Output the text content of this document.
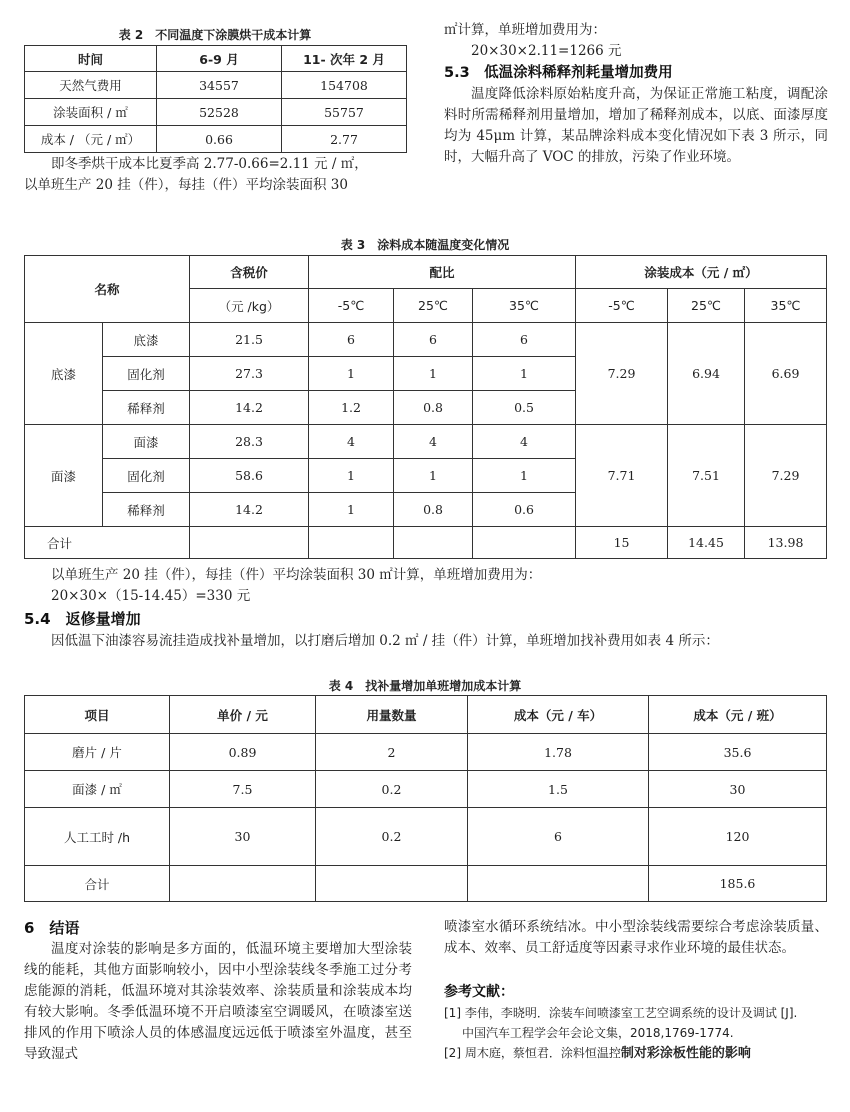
表 2　不同温度下涂膜烘干成本计算
时间	6-9 月	11- 次年 2 月
天然气费用	34557	154708
涂装面积 / ㎡	52528	55757
成本 / （元 / ㎡）	0.66	2.77

即冬季烘干成本比夏季高 2.77-0.66=2.11 元 / ㎡，

以单班生产 20 挂（件），每挂（件）平均涂装面积 30

㎡计算，单班增加费用为：

20×30×2.11=1266 元

5.3　低温涂料稀释剂耗量增加费用

温度降低涂料原始粘度升高，为保证正常施工粘度，调配涂料时所需稀释剂用量增加，增加了稀释剂成本，以底、面漆厚度均为 45μm 计算，某品牌涂料成本变化情况如下表 3 所示，同时，大幅升高了 VOC 的排放，污染了作业环境。

表 3　涂料成本随温度变化情况
名称		含税价	配比			涂装成本（元 / ㎡）		
		（元 /kg）	-5℃	25℃	35℃	-5℃	25℃	35℃
底漆	底漆	21.5	6	6	6	7.29	6.94	6.69
	固化剂	27.3	1	1	1			
	稀释剂	14.2	1.2	0.8	0.5			
面漆	面漆	28.3	4	4	4	7.71	7.51	7.29
	固化剂	58.6	1	1	1			
	稀释剂	14.2	1	0.8	0.6			
合计						15	14.45	13.98

以单班生产 20 挂（件），每挂（件）平均涂装面积 30 ㎡计算，单班增加费用为：

20×30×（15-14.45）=330 元

5.4　返修量增加

因低温下油漆容易流挂造成找补量增加，以打磨后增加 0.2 ㎡ / 挂（件）计算，单班增加找补费用如表 4 所示：

表 4　找补量增加单班增加成本计算
项目	单价 / 元	用量数量	成本（元 / 车）	成本（元 / 班）
磨片 / 片	0.89	2	1.78	35.6
面漆 / ㎡	7.5	0.2	1.5	30
人工工时 /h	30	0.2	6	120
合计				185.6

6　结语

温度对涂装的影响是多方面的，低温环境主要增加大型涂装线的能耗，其他方面影响较小，因中小型涂装线冬季施工过分考虑能源的消耗，低温环境对其涂装效率、涂装质量和涂装成本均有较大影响。冬季低温环境不开启喷漆室空调暖风，在喷漆室送排风的作用下喷涂人员的体感温度远远低于喷漆室外温度，甚至导致湿式

喷漆室水循环系统结冰。中小型涂装线需要综合考虑涂装质量、成本、效率、员工舒适度等因素寻求作业环境的最佳状态。

参考文献：

[1] 李伟，李晓明．涂装车间喷漆室工艺空调系统的设计及调试 [J].

中国汽车工程学会年会论文集，2018,1769-1774.

[2] 周木庭，蔡恒君．涂料恒温控制对彩涂板性能的影响
